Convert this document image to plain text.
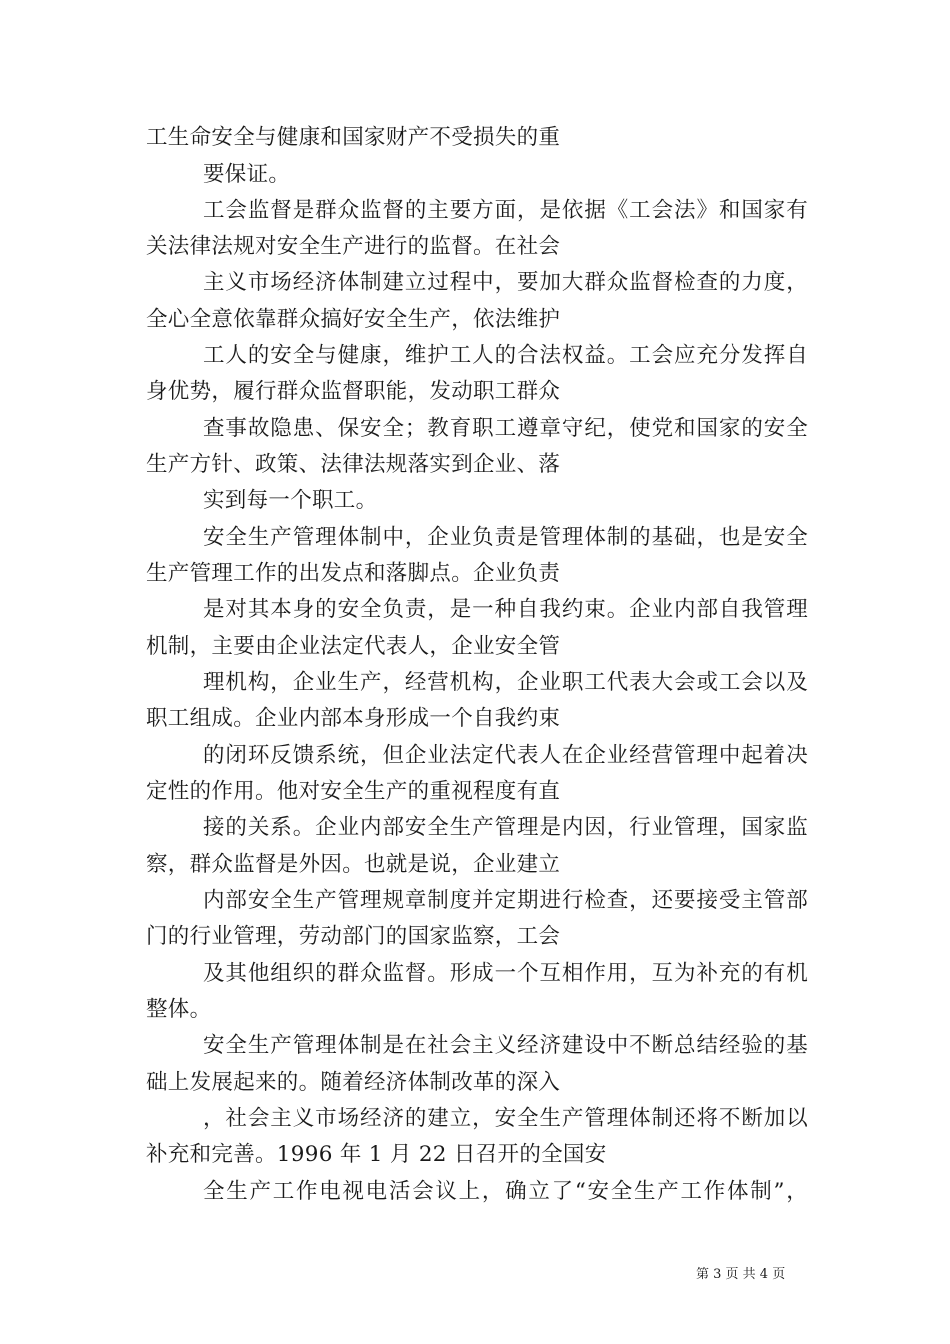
工生命安全与健康和国家财产不受损失的重
要保证。
工会监督是群众监督的主要方面，是依据《工会法》和国家有
关法律法规对安全生产进行的监督。在社会
主义市场经济体制建立过程中，要加大群众监督检查的力度，
全心全意依靠群众搞好安全生产，依法维护
工人的安全与健康，维护工人的合法权益。工会应充分发挥自
身优势，履行群众监督职能，发动职工群众
查事故隐患、保安全；教育职工遵章守纪，使党和国家的安全
生产方针、政策、法律法规落实到企业、落
实到每一个职工。
安全生产管理体制中，企业负责是管理体制的基础，也是安全
生产管理工作的出发点和落脚点。企业负责
是对其本身的安全负责，是一种自我约束。企业内部自我管理
机制，主要由企业法定代表人，企业安全管
理机构，企业生产，经营机构，企业职工代表大会或工会以及
职工组成。企业内部本身形成一个自我约束
的闭环反馈系统，但企业法定代表人在企业经营管理中起着决
定性的作用。他对安全生产的重视程度有直
接的关系。企业内部安全生产管理是内因，行业管理，国家监
察，群众监督是外因。也就是说，企业建立
内部安全生产管理规章制度并定期进行检查，还要接受主管部
门的行业管理，劳动部门的国家监察，工会
及其他组织的群众监督。形成一个互相作用，互为补充的有机
整体。
安全生产管理体制是在社会主义经济建设中不断总结经验的基
础上发展起来的。随着经济体制改革的深入
，社会主义市场经济的建立，安全生产管理体制还将不断加以
补充和完善。1996 年 1 月 22 日召开的全国安
全生产工作电视电活会议上，确立了“安全生产工作体制”，
第 3 页 共 4 页
